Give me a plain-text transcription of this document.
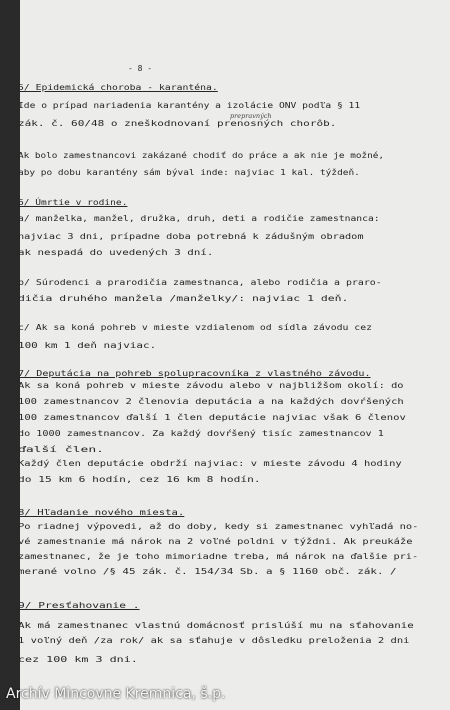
- 8 -
prepravných
5/ Epidemická choroba - karanténa.
Ide o prípad nariadenia karantény a izolácie ONV podľa § 11
zák. č. 60/48 o zneškodnovaní prenosných chorôb.
Ak bolo zamestnancovi zakázané chodiť do práce a ak nie je možné,
aby po dobu karantény sám býval inde: najviac 1 kal. týždeň.
6/ Úmrtie v rodine.
a/ manželka, manžel, družka, druh, deti a rodičie zamestnanca:
najviac 3 dni, prípadne doba potrebná k zádušným obradom
ak nespadá do uvedených 3 dní.
b/ Súrodenci a prarodičia zamestnanca, alebo rodičia a praro-
dičia druhého manžela /manželky/: najviac 1 deň.
c/ Ak sa koná pohreb v mieste vzdialenom od sídla závodu cez
100 km 1 deň najviac.
7/ Deputácia na pohreb spolupracovníka z vlastného závodu.
Ak sa koná pohreb v mieste závodu alebo v najbližšom okolí: do
100 zamestnancov 2 členovia deputácia a na každých dovŕšených
100 zamestnancov ďalší 1 člen deputácie najviac však 6 členov
do 1000 zamestnancov. Za každý dovŕšený tisíc zamestnancov 1
ďalší člen.
Každý člen deputácie obdrží najviac: v mieste závodu 4 hodiny
do 15 km 6 hodín, cez 16 km 8 hodín.
8/ Hľadanie nového miesta.
Po riadnej výpovedi, až do doby, kedy si zamestnanec vyhľadá no-
vé zamestnanie má nárok na 2 voľné poldni v týždni. Ak preukáže
zamestnanec, že je toho mimoriadne treba, má nárok na ďalšie pri-
merané volno /§ 45 zák. č. 154/34 Sb. a § 1160 obč. zák. /
9/ Presťahovanie .
Ak má zamestnanec vlastnú domácnosť prislúší mu na sťahovanie
1 voľný deň /za rok/ ak sa sťahuje v dôsledku preloženia 2 dni
cez 100 km 3 dni.
Archív Mincovne Kremnica, š.p.
